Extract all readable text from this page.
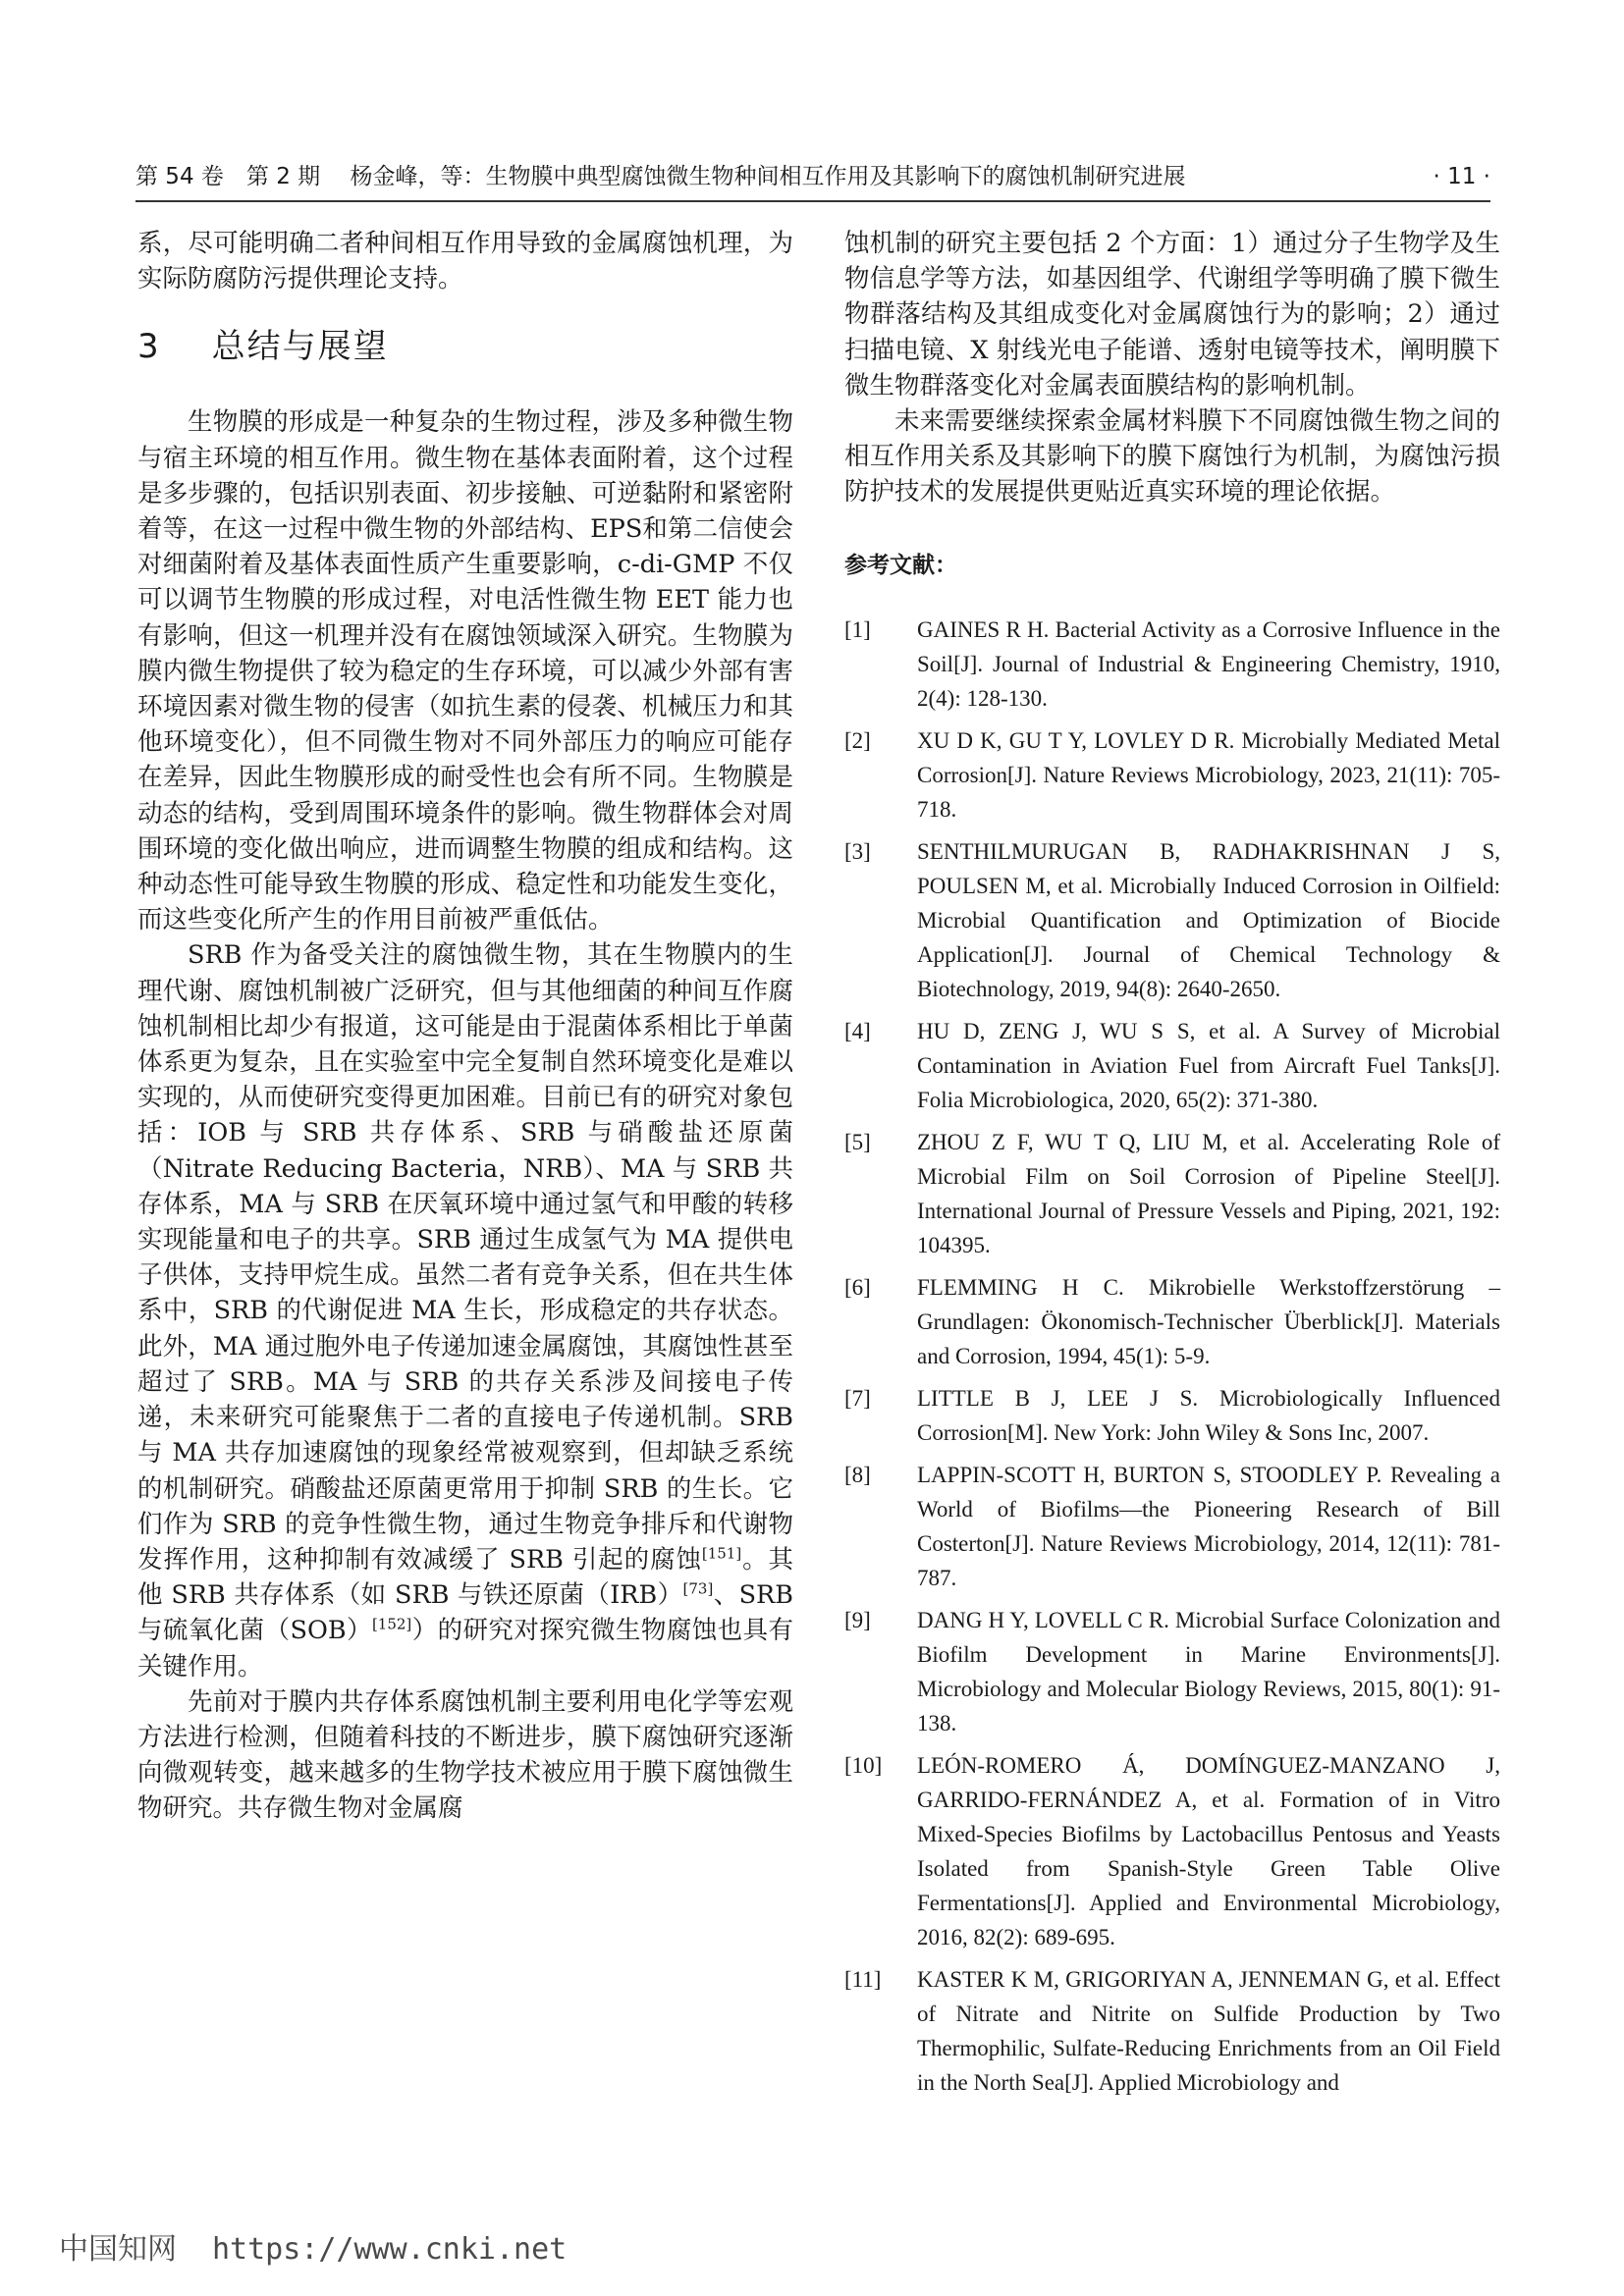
第 54 卷　第 2 期　 杨金峰，等：生物膜中典型腐蚀微生物种间相互作用及其影响下的腐蚀机制研究进展	· 11 ·

系，尽可能明确二者种间相互作用导致的金属腐蚀机理，为实际防腐防污提供理论支持。

3 总结与展望

生物膜的形成是一种复杂的生物过程，涉及多种微生物与宿主环境的相互作用。微生物在基体表面附着，这个过程是多步骤的，包括识别表面、初步接触、可逆黏附和紧密附着等，在这一过程中微生物的外部结构、EPS和第二信使会对细菌附着及基体表面性质产生重要影响，c-di-GMP 不仅可以调节生物膜的形成过程，对电活性微生物 EET 能力也有影响，但这一机理并没有在腐蚀领域深入研究。生物膜为膜内微生物提供了较为稳定的生存环境，可以减少外部有害环境因素对微生物的侵害（如抗生素的侵袭、机械压力和其他环境变化），但不同微生物对不同外部压力的响应可能存在差异，因此生物膜形成的耐受性也会有所不同。生物膜是动态的结构，受到周围环境条件的影响。微生物群体会对周围环境的变化做出响应，进而调整生物膜的组成和结构。这种动态性可能导致生物膜的形成、稳定性和功能发生变化，而这些变化所产生的作用目前被严重低估。

SRB 作为备受关注的腐蚀微生物，其在生物膜内的生理代谢、腐蚀机制被广泛研究，但与其他细菌的种间互作腐蚀机制相比却少有报道，这可能是由于混菌体系相比于单菌体系更为复杂，且在实验室中完全复制自然环境变化是难以实现的，从而使研究变得更加困难。目前已有的研究对象包括：IOB 与 SRB 共存体系、SRB 与硝酸盐还原菌（Nitrate Reducing Bacteria，NRB）、MA 与 SRB 共存体系，MA 与 SRB 在厌氧环境中通过氢气和甲酸的转移实现能量和电子的共享。SRB 通过生成氢气为 MA 提供电子供体，支持甲烷生成。虽然二者有竞争关系，但在共生体系中，SRB 的代谢促进 MA 生长，形成稳定的共存状态。此外，MA 通过胞外电子传递加速金属腐蚀，其腐蚀性甚至超过了 SRB。MA 与 SRB 的共存关系涉及间接电子传递，未来研究可能聚焦于二者的直接电子传递机制。SRB 与 MA 共存加速腐蚀的现象经常被观察到，但却缺乏系统的机制研究。硝酸盐还原菌更常用于抑制 SRB 的生长。它们作为 SRB 的竞争性微生物，通过生物竞争排斥和代谢物发挥作用，这种抑制有效减缓了 SRB 引起的腐蚀[151]。其他 SRB 共存体系（如 SRB 与铁还原菌（IRB）[73]、SRB 与硫氧化菌（SOB）[152]）的研究对探究微生物腐蚀也具有关键作用。

先前对于膜内共存体系腐蚀机制主要利用电化学等宏观方法进行检测，但随着科技的不断进步，膜下腐蚀研究逐渐向微观转变，越来越多的生物学技术被应用于膜下腐蚀微生物研究。共存微生物对金属腐

蚀机制的研究主要包括 2 个方面：1）通过分子生物学及生物信息学等方法，如基因组学、代谢组学等明确了膜下微生物群落结构及其组成变化对金属腐蚀行为的影响；2）通过扫描电镜、X 射线光电子能谱、透射电镜等技术，阐明膜下微生物群落变化对金属表面膜结构的影响机制。

未来需要继续探索金属材料膜下不同腐蚀微生物之间的相互作用关系及其影响下的膜下腐蚀行为机制，为腐蚀污损防护技术的发展提供更贴近真实环境的理论依据。

参考文献：
[1] GAINES R H. Bacterial Activity as a Corrosive Influence in the Soil[J]. Journal of Industrial & Engineering Chemistry, 1910, 2(4): 128-130.
[2] XU D K, GU T Y, LOVLEY D R. Microbially Mediated Metal Corrosion[J]. Nature Reviews Microbiology, 2023, 21(11): 705-718.
[3] SENTHILMURUGAN B, RADHAKRISHNAN J S, POULSEN M, et al. Microbially Induced Corrosion in Oilfield: Microbial Quantification and Optimization of Biocide Application[J]. Journal of Chemical Technology & Biotechnology, 2019, 94(8): 2640-2650.
[4] HU D, ZENG J, WU S S, et al. A Survey of Microbial Contamination in Aviation Fuel from Aircraft Fuel Tanks[J]. Folia Microbiologica, 2020, 65(2): 371-380.
[5] ZHOU Z F, WU T Q, LIU M, et al. Accelerating Role of Microbial Film on Soil Corrosion of Pipeline Steel[J]. International Journal of Pressure Vessels and Piping, 2021, 192: 104395.
[6] FLEMMING H C. Mikrobielle Werkstoffzerstörung – Grundlagen: Ökonomisch-Technischer Überblick[J]. Materials and Corrosion, 1994, 45(1): 5-9.
[7] LITTLE B J, LEE J S. Microbiologically Influenced Corrosion[M]. New York: John Wiley & Sons Inc, 2007.
[8] LAPPIN-SCOTT H, BURTON S, STOODLEY P. Revealing a World of Biofilms—the Pioneering Research of Bill Costerton[J]. Nature Reviews Microbiology, 2014, 12(11): 781-787.
[9] DANG H Y, LOVELL C R. Microbial Surface Colonization and Biofilm Development in Marine Environments[J]. Microbiology and Molecular Biology Reviews, 2015, 80(1): 91-138.
[10] LEÓN-ROMERO Á, DOMÍNGUEZ-MANZANO J, GARRIDO-FERNÁNDEZ A, et al. Formation of in Vitro Mixed-Species Biofilms by Lactobacillus Pentosus and Yeasts Isolated from Spanish-Style Green Table Olive Fermentations[J]. Applied and Environmental Microbiology, 2016, 82(2): 689-695.
[11] KASTER K M, GRIGORIYAN A, JENNEMAN G, et al. Effect of Nitrate and Nitrite on Sulfide Production by Two Thermophilic, Sulfate-Reducing Enrichments from an Oil Field in the North Sea[J]. Applied Microbiology and
中国知网 https://www.cnki.net
